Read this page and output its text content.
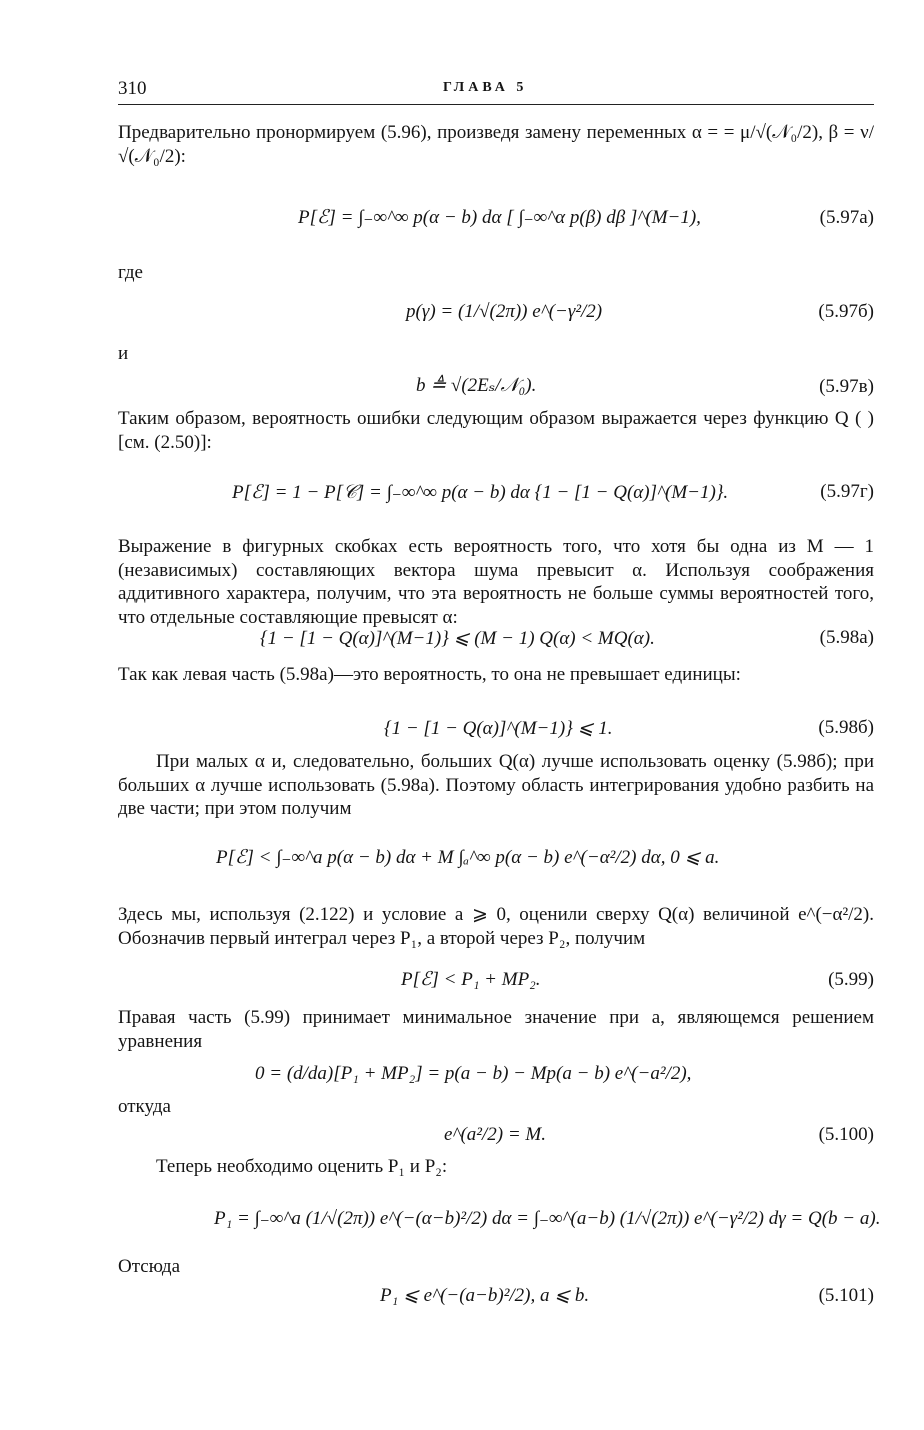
310	ГЛАВА 5
Предварительно пронормируем (5.96), произведя замену переменных α = = μ/√(𝒩₀/2), β = ν/√(𝒩₀/2):
P[ℰ] = ∫₋∞^∞ p(α − b) dα [ ∫₋∞^α p(β) dβ ]^(M−1),	(5.97а)
где
p(γ) = (1/√(2π)) e^(−γ²/2)	(5.97б)
и
b ≜ √(2Eₛ/𝒩₀).	(5.97в)
Таким образом, вероятность ошибки следующим образом выражается через функцию Q ( ) [см. (2.50)]:
P[ℰ] = 1 − P[𝒞] = ∫₋∞^∞ p(α − b) dα {1 − [1 − Q(α)]^(M−1)}.	(5.97г)
Выражение в фигурных скобках есть вероятность того, что хотя бы одна из M — 1 (независимых) составляющих вектора шума превысит α. Используя соображения аддитивного характера, получим, что эта вероятность не больше суммы вероятностей того, что отдельные составляющие превысят α:
{1 − [1 − Q(α)]^(M−1)} ⩽ (M − 1) Q(α) < MQ(α).	(5.98а)
Так как левая часть (5.98а)—это вероятность, то она не превышает единицы:
{1 − [1 − Q(α)]^(M−1)} ⩽ 1.	(5.98б)
При малых α и, следовательно, больших Q(α) лучше использовать оценку (5.98б); при больших α лучше использовать (5.98а). Поэтому область интегрирования удобно разбить на две части; при этом получим
P[ℰ] < ∫₋∞^a p(α − b) dα + M ∫ₐ^∞ p(α − b) e^(−α²/2) dα, 0 ⩽ a.
Здесь мы, используя (2.122) и условие a ⩾ 0, оценили сверху Q(α) величиной e^(−α²/2). Обозначив первый интеграл через P₁, а второй через P₂, получим
P[ℰ] < P₁ + MP₂.	(5.99)
Правая часть (5.99) принимает минимальное значение при a, являющемся решением уравнения
0 = (d/da)[P₁ + MP₂] = p(a − b) − Mp(a − b) e^(−a²/2),
откуда
e^(a²/2) = M.	(5.100)
Теперь необходимо оценить P₁ и P₂:
P₁ = ∫₋∞^a (1/√(2π)) e^(−(α−b)²/2) dα = ∫₋∞^(a−b) (1/√(2π)) e^(−γ²/2) dγ = Q(b − a).
Отсюда
P₁ ⩽ e^(−(a−b)²/2), a ⩽ b.	(5.101)
